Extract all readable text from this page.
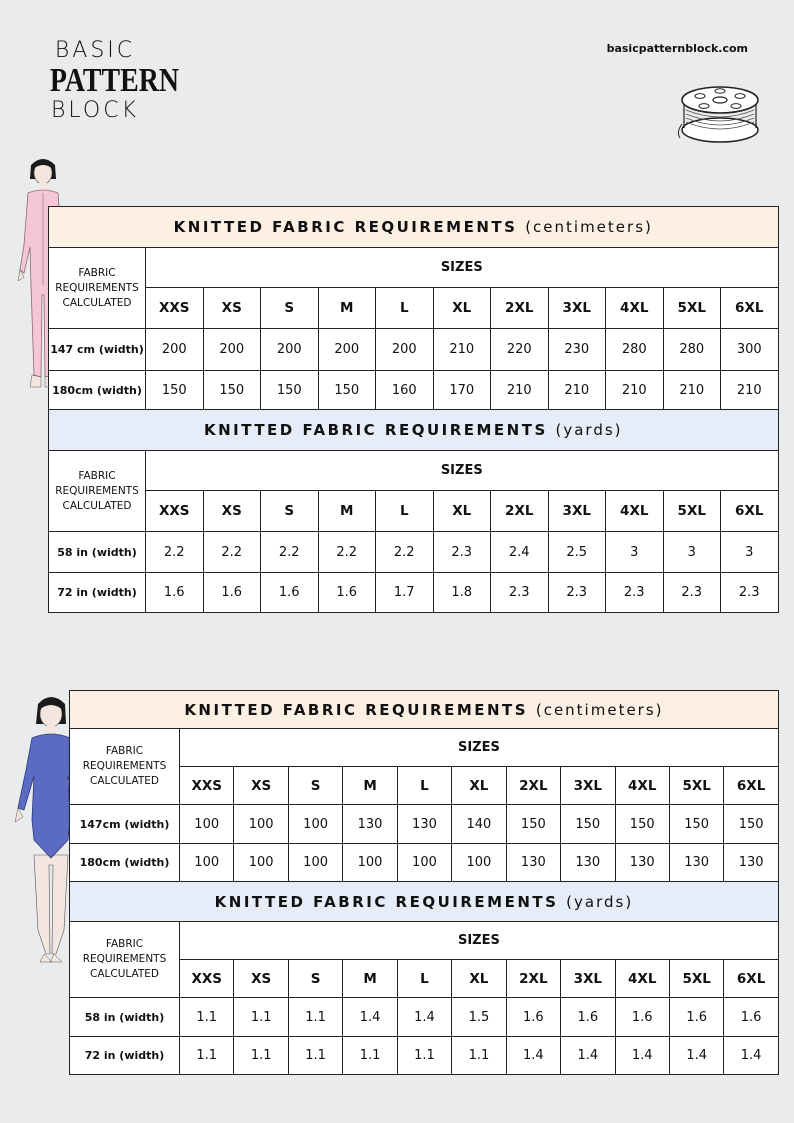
BASIC
PATTERN
BLOCK
basicpatternblock.com
KNITTED FABRIC REQUIREMENTS (centimeters)											
FABRIC
REQUIREMENTS
CALCULATED	SIZES										
	XXS	XS	S	M	L	XL	2XL	3XL	4XL	5XL	6XL
147 cm (width)	200	200	200	200	200	210	220	230	280	280	300
180cm (width)	150	150	150	150	160	170	210	210	210	210	210
KNITTED FABRIC REQUIREMENTS (yards)											
FABRIC
REQUIREMENTS
CALCULATED	SIZES										
	XXS	XS	S	M	L	XL	2XL	3XL	4XL	5XL	6XL
58 in (width)	2.2	2.2	2.2	2.2	2.2	2.3	2.4	2.5	3	3	3
72 in (width)	1.6	1.6	1.6	1.6	1.7	1.8	2.3	2.3	2.3	2.3	2.3
KNITTED FABRIC REQUIREMENTS (centimeters)											
FABRIC
REQUIREMENTS
CALCULATED	SIZES										
	XXS	XS	S	M	L	XL	2XL	3XL	4XL	5XL	6XL
147cm (width)	100	100	100	130	130	140	150	150	150	150	150
180cm (width)	100	100	100	100	100	100	130	130	130	130	130
KNITTED FABRIC REQUIREMENTS (yards)											
FABRIC
REQUIREMENTS
CALCULATED	SIZES										
	XXS	XS	S	M	L	XL	2XL	3XL	4XL	5XL	6XL
58 in (width)	1.1	1.1	1.1	1.4	1.4	1.5	1.6	1.6	1.6	1.6	1.6
72 in (width)	1.1	1.1	1.1	1.1	1.1	1.1	1.4	1.4	1.4	1.4	1.4
